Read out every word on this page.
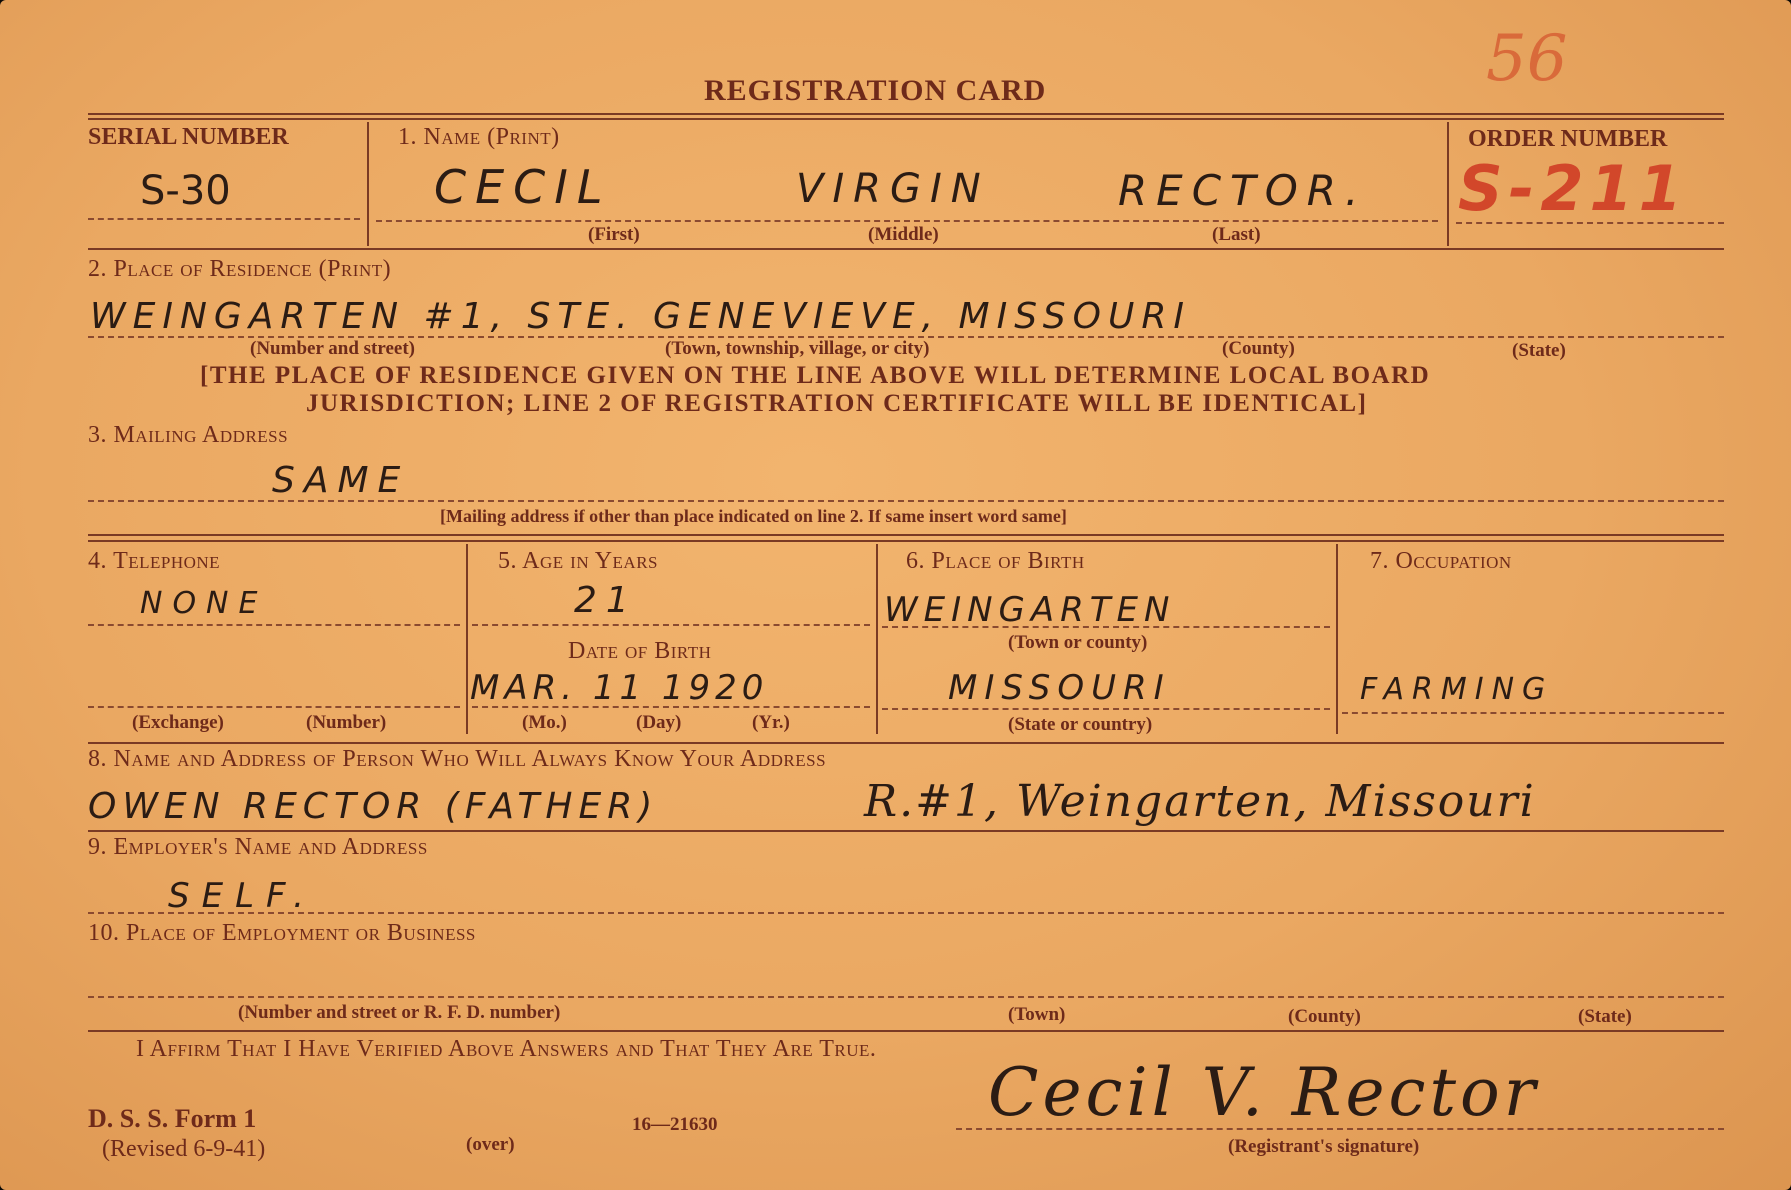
REGISTRATION CARD	56
SERIAL NUMBER
S-30
1. Name (Print)
CECIL	VIRGIN	RECTOR.
(First)	(Middle)	(Last)
ORDER NUMBER
S-211
2. Place of Residence (Print)
WEINGARTEN #1, STE. GENEVIEVE, MISSOURI
(Number and street)	(Town, township, village, or city)	(County)	(State)
[THE PLACE OF RESIDENCE GIVEN ON THE LINE ABOVE WILL DETERMINE LOCAL BOARD
JURISDICTION; LINE 2 OF REGISTRATION CERTIFICATE WILL BE IDENTICAL]
3. Mailing Address
SAME
[Mailing address if other than place indicated on line 2. If same insert word same]
4. Telephone
NONE
(Exchange)	(Number)
5. Age in Years
21
Date of Birth
MAR. 11 1920
(Mo.)	(Day)	(Yr.)
6. Place of Birth
WEINGARTEN
(Town or county)
MISSOURI
(State or country)
7. Occupation
FARMING
8. Name and Address of Person Who Will Always Know Your Address
OWEN RECTOR (FATHER)	R.#1, Weingarten, Missouri
9. Employer's Name and Address
SELF.
10. Place of Employment or Business
(Number and street or R. F. D. number)	(Town)	(County)	(State)
I Affirm That I Have Verified Above Answers and That They Are True.
Cecil V. Rector
(Registrant's signature)
D. S. S. Form 1
(Revised 6-9-41)	(over)
16—21630
